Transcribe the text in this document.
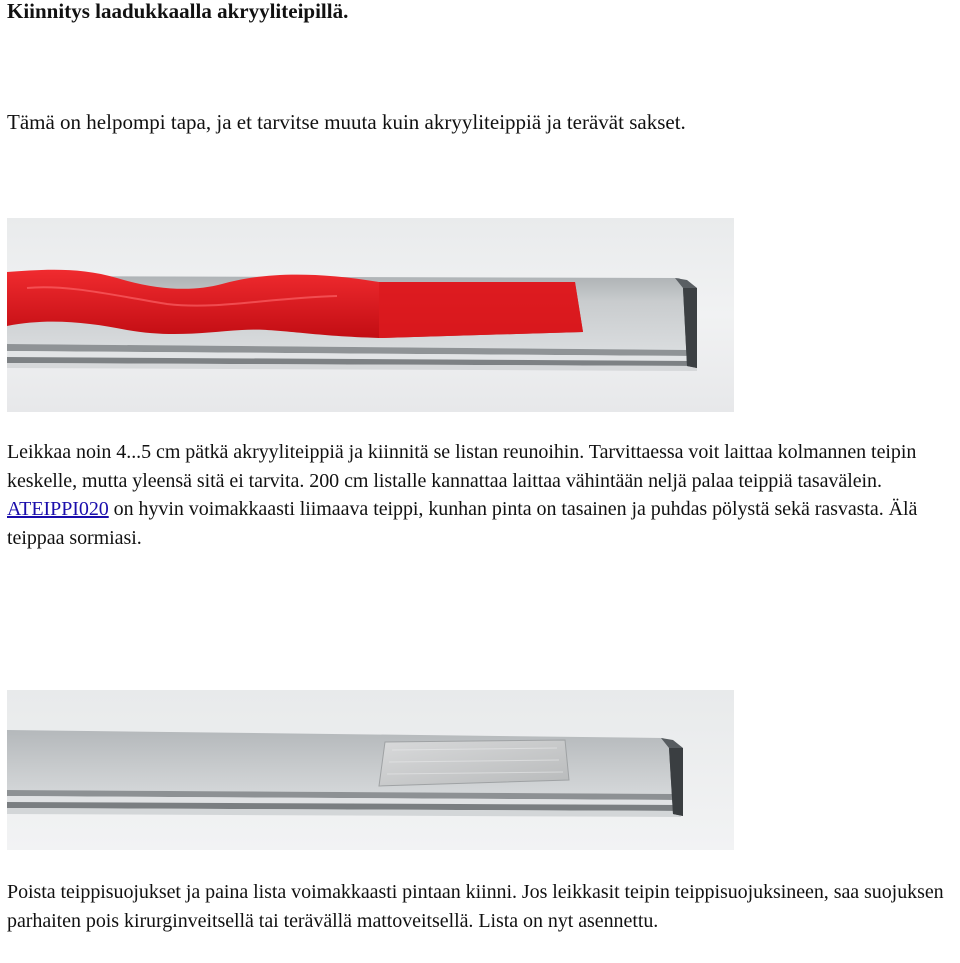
Kiinnitys laadukkaalla akryyliteipillä.

Tämä on helpompi tapa, ja et tarvitse muuta kuin akryyliteippiä ja terävät sakset.

Leikkaa noin 4...5 cm pätkä akryyliteippiä ja kiinnitä se listan reunoihin. Tarvittaessa voit laittaa kolmannen teipin keskelle, mutta yleensä sitä ei tarvita. 200 cm listalle kannattaa laittaa vähintään neljä palaa teippiä tasavälein. ATEIPPI020 on hyvin voimakkaasti liimaava teippi, kunhan pinta on tasainen ja puhdas pölystä sekä rasvasta. Älä teippaa sormiasi.

Poista teippisuojukset ja paina lista voimakkaasti pintaan kiinni. Jos leikkasit teipin teippisuojuksineen, saa suojuksen parhaiten pois kirurginveitsellä tai terävällä mattoveitsellä. Lista on nyt asennettu.
